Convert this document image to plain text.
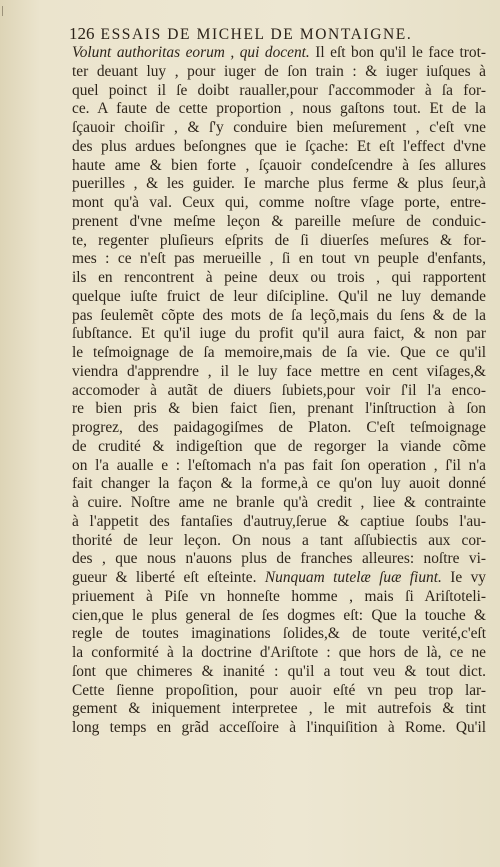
126 ESSAIS DE MICHEL DE MONTAIGNE.
Volunt authoritas eorum , qui docent. Il eſt bon qu'il le face trot-
ter deuant luy , pour iuger de ſon train : & iuger iuſques à
quel poinct il ſe doibt raualler,pour ſ'accommoder à ſa for-
ce. A faute de cette proportion , nous gaſtons tout. Et de la
ſçauoir choiſir , & ſ'y conduire bien meſurement , c'eſt vne
des plus ardues beſongnes que ie ſçache: Et eſt l'effect d'vne
haute ame & bien forte , ſçauoir condeſcendre à ſes allures
puerilles , & les guider. Ie marche plus ferme & plus ſeur,à
mont qu'à val. Ceux qui, comme noſtre vſage porte, entre-
prenent d'vne meſme leçon & pareille meſure de conduic-
te, regenter pluſieurs eſprits de ſi diuerſes meſures & for-
mes : ce n'eſt pas merueille , ſi en tout vn peuple d'enfants,
ils en rencontrent à peine deux ou trois , qui rapportent
quelque iuſte fruict de leur diſcipline. Qu'il ne luy demande
pas ſeulemẽt cõpte des mots de ſa leçõ,mais du ſens & de la
ſubſtance. Et qu'il iuge du profit qu'il aura faict, & non par
le teſmoignage de ſa memoire,mais de ſa vie. Que ce qu'il
viendra d'apprendre , il le luy face mettre en cent viſages,&
accomoder à autãt de diuers ſubiets,pour voir ſ'il l'a enco-
re bien pris & bien faict ſien, prenant l'inſtruction à ſon
progrez, des paidagogiſmes de Platon. C'eſt teſmoignage
de crudité & indigeſtion que de regorger la viande cõme
on l'a aualle e : l'eſtomach n'a pas fait ſon operation , ſ'il n'a
fait changer la façon & la forme,à ce qu'on luy auoit donné
à cuire. Noſtre ame ne branle qu'à credit , liee & contrainte
à l'appetit des fantaſies d'autruy,ſerue & captiue ſoubs l'au-
thorité de leur leçon. On nous a tant aſſubiectis aux cor-
des , que nous n'auons plus de franches alleures: noſtre vi-
gueur & liberté eſt eſteinte. Nunquam tutelæ ſuæ fiunt. Ie vy
priuement à Piſe vn honneſte homme , mais ſi Ariſtoteli-
cien,que le plus general de ſes dogmes eſt: Que la touche &
regle de toutes imaginations ſolides,& de toute verité,c'eſt
la conformité à la doctrine d'Ariſtote : que hors de là, ce ne
ſont que chimeres & inanité : qu'il a tout veu & tout dict.
Cette ſienne propoſition, pour auoir eſté vn peu trop lar-
gement & iniquement interpretee , le mit autrefois & tint
long temps en grãd acceſſoire à l'inquiſition à Rome. Qu'il
